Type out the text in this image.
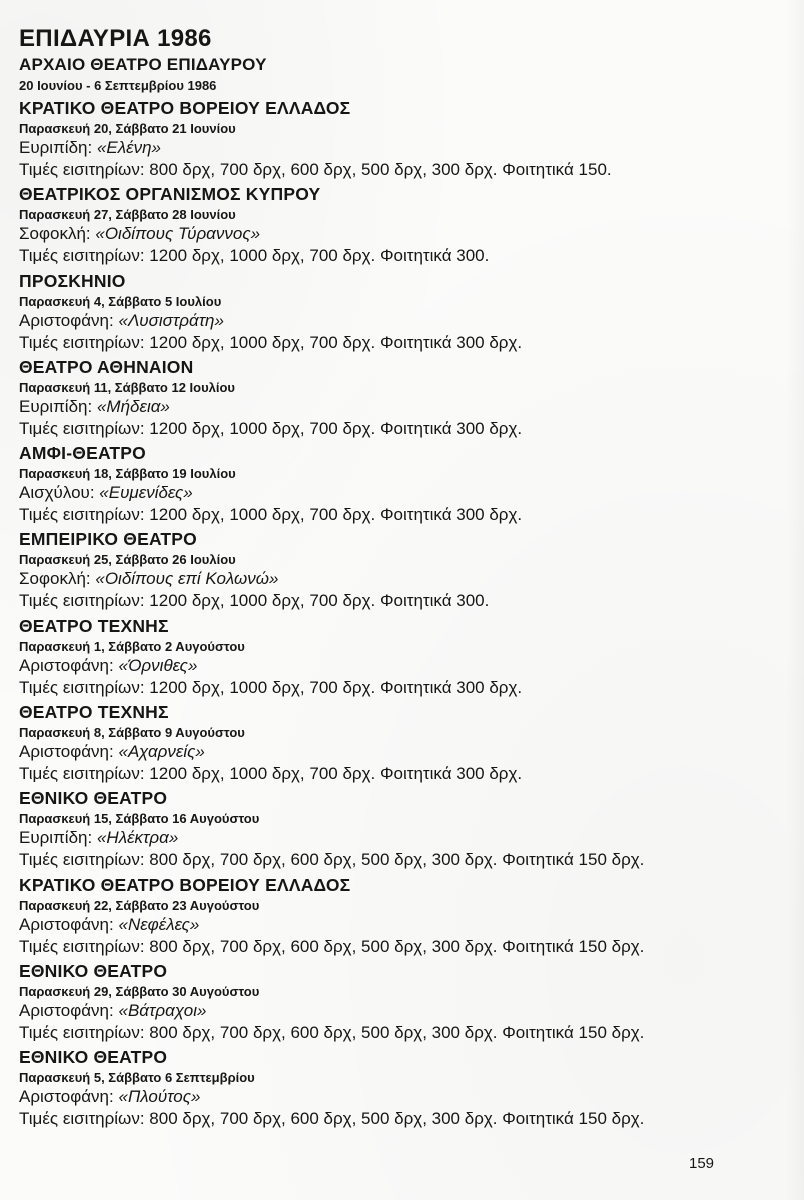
ΕΠΙΔΑΥΡΙΑ 1986
ΑΡΧΑΙΟ ΘΕΑΤΡΟ ΕΠΙΔΑΥΡΟΥ

20 Ιουνίου - 6 Σεπτεμβρίου 1986

ΚΡΑΤΙΚΟ ΘΕΑΤΡΟ ΒΟΡΕΙΟΥ ΕΛΛΑΔΟΣ

Παρασκευή 20, Σάββατο 21 Ιουνίου

Ευριπίδη: «Ελένη»

Τιμές εισιτηρίων: 800 δρχ, 700 δρχ, 600 δρχ, 500 δρχ, 300 δρχ. Φοιτητικά 150.

ΘΕΑΤΡΙΚΟΣ ΟΡΓΑΝΙΣΜΟΣ ΚΥΠΡΟΥ

Παρασκευή 27, Σάββατο 28 Ιουνίου

Σοφοκλή: «Οιδίπους Τύραννος»

Τιμές εισιτηρίων: 1200 δρχ, 1000 δρχ, 700 δρχ. Φοιτητικά 300.

ΠΡΟΣΚΗΝΙΟ

Παρασκευή 4, Σάββατο 5 Ιουλίου

Αριστοφάνη: «Λυσιστράτη»

Τιμές εισιτηρίων: 1200 δρχ, 1000 δρχ, 700 δρχ. Φοιτητικά 300 δρχ.

ΘΕΑΤΡΟ ΑΘΗΝΑΙΟΝ

Παρασκευή 11, Σάββατο 12 Ιουλίου

Ευριπίδη: «Μήδεια»

Τιμές εισιτηρίων: 1200 δρχ, 1000 δρχ, 700 δρχ. Φοιτητικά 300 δρχ.

ΑΜΦΙ-ΘΕΑΤΡΟ

Παρασκευή 18, Σάββατο 19 Ιουλίου

Αισχύλου: «Ευμενίδες»

Τιμές εισιτηρίων: 1200 δρχ, 1000 δρχ, 700 δρχ. Φοιτητικά 300 δρχ.

ΕΜΠΕΙΡΙΚΟ ΘΕΑΤΡΟ

Παρασκευή 25, Σάββατο 26 Ιουλίου

Σοφοκλή: «Οιδίπους επί Κολωνώ»

Τιμές εισιτηρίων: 1200 δρχ, 1000 δρχ, 700 δρχ. Φοιτητικά 300.

ΘΕΑΤΡΟ ΤΕΧΝΗΣ

Παρασκευή 1, Σάββατο 2 Αυγούστου

Αριστοφάνη: «Όρνιθες»

Τιμές εισιτηρίων: 1200 δρχ, 1000 δρχ, 700 δρχ. Φοιτητικά 300 δρχ.

ΘΕΑΤΡΟ ΤΕΧΝΗΣ

Παρασκευή 8, Σάββατο 9 Αυγούστου

Αριστοφάνη: «Αχαρνείς»

Τιμές εισιτηρίων: 1200 δρχ, 1000 δρχ, 700 δρχ. Φοιτητικά 300 δρχ.

ΕΘΝΙΚΟ ΘΕΑΤΡΟ

Παρασκευή 15, Σάββατο 16 Αυγούστου

Ευριπίδη: «Ηλέκτρα»

Τιμές εισιτηρίων: 800 δρχ, 700 δρχ, 600 δρχ, 500 δρχ, 300 δρχ. Φοιτητικά 150 δρχ.

ΚΡΑΤΙΚΟ ΘΕΑΤΡΟ ΒΟΡΕΙΟΥ ΕΛΛΑΔΟΣ

Παρασκευή 22, Σάββατο 23 Αυγούστου

Αριστοφάνη: «Νεφέλες»

Τιμές εισιτηρίων: 800 δρχ, 700 δρχ, 600 δρχ, 500 δρχ, 300 δρχ. Φοιτητικά 150 δρχ.

ΕΘΝΙΚΟ ΘΕΑΤΡΟ

Παρασκευή 29, Σάββατο 30 Αυγούστου

Αριστοφάνη: «Βάτραχοι»

Τιμές εισιτηρίων: 800 δρχ, 700 δρχ, 600 δρχ, 500 δρχ, 300 δρχ. Φοιτητικά 150 δρχ.

ΕΘΝΙΚΟ ΘΕΑΤΡΟ

Παρασκευή 5, Σάββατο 6 Σεπτεμβρίου

Αριστοφάνη: «Πλούτος»

Τιμές εισιτηρίων: 800 δρχ, 700 δρχ, 600 δρχ, 500 δρχ, 300 δρχ. Φοιτητικά 150 δρχ.

159
